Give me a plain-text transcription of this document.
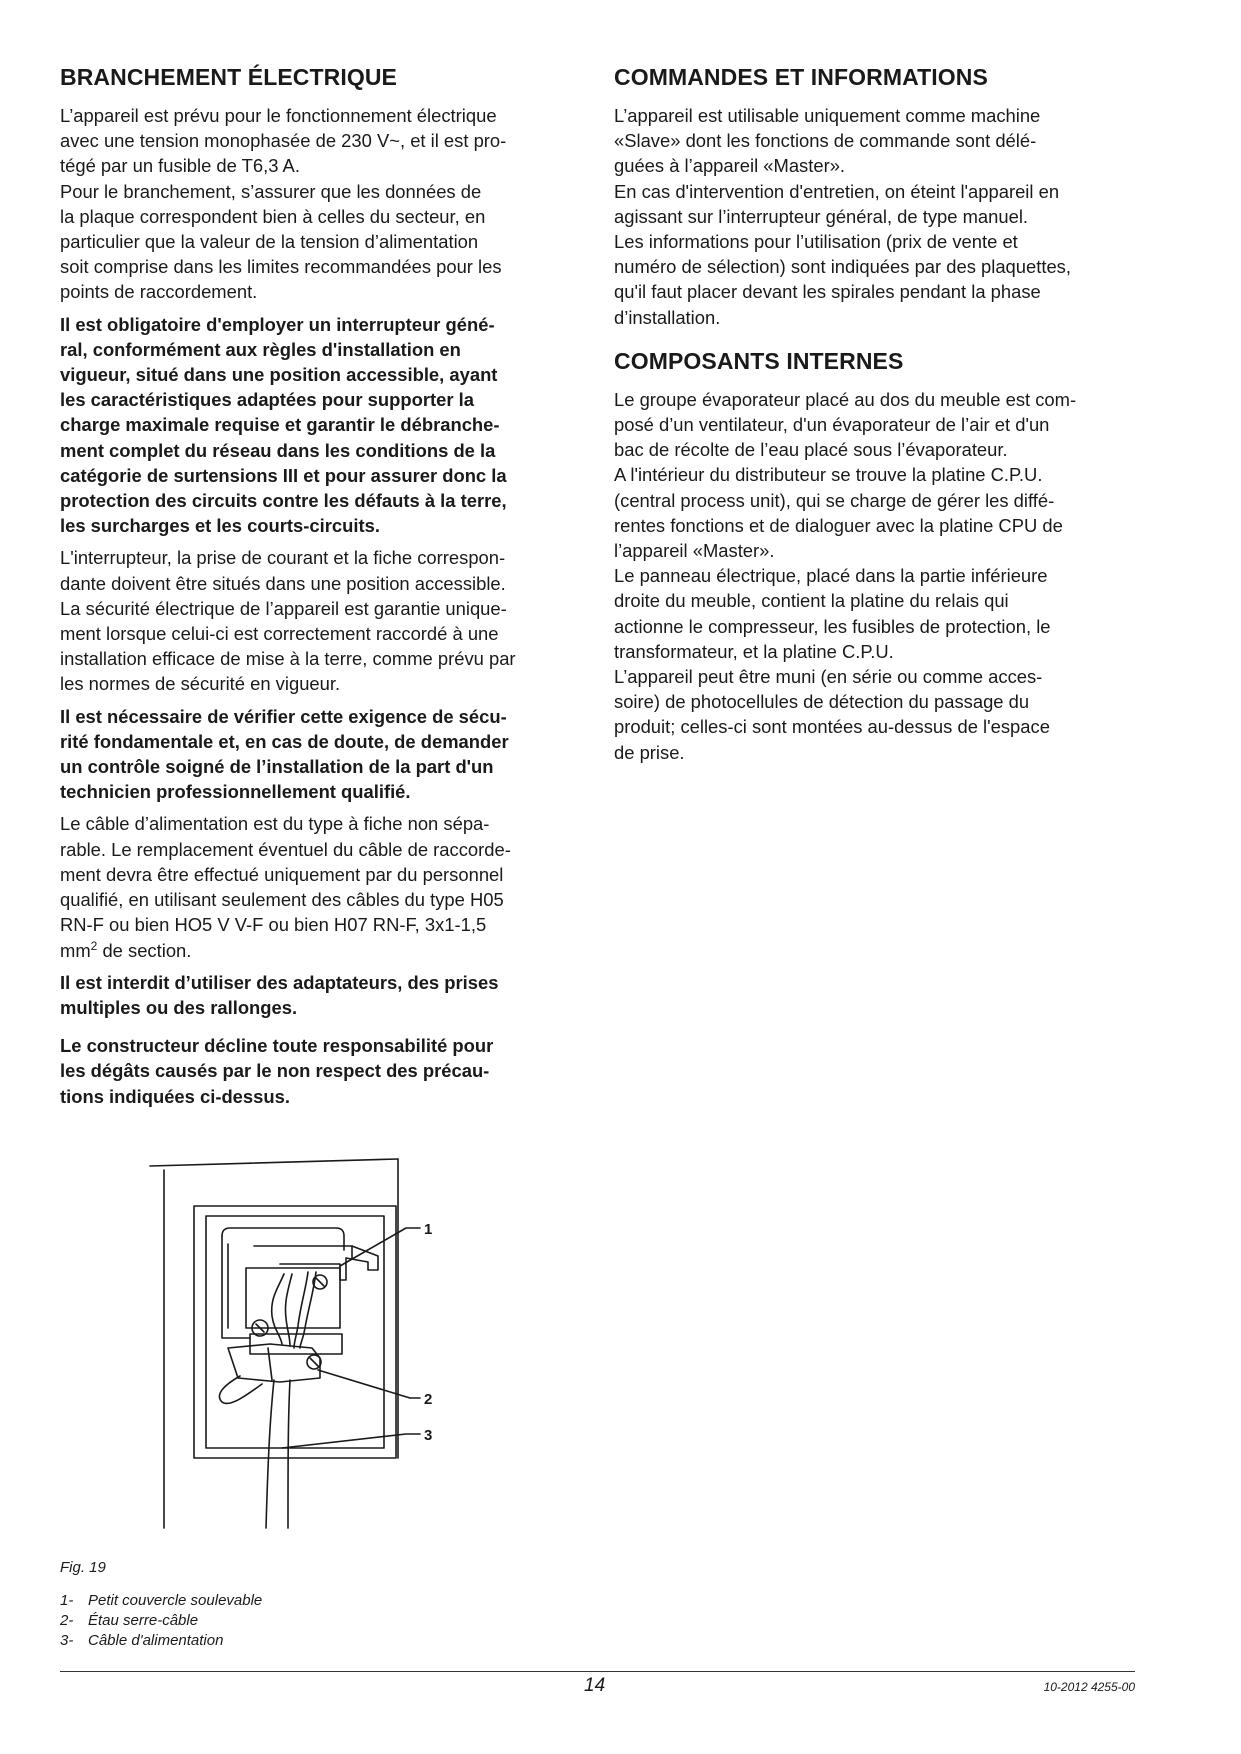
BRANCHEMENT ÉLECTRIQUE

L’appareil est prévu pour le fonctionnement électrique
avec une tension monophasée de 230 V~, et il est pro-
tégé par un fusible de T6,3 A.

Pour le branchement, s’assurer que les données de
la plaque correspondent bien à celles du secteur, en
particulier que la valeur de la tension d’alimentation
soit comprise dans les limites recommandées pour les
points de raccordement.

Il est obligatoire d'employer un interrupteur géné-
ral, conformément aux règles d'installation en
vigueur, situé dans une position accessible, ayant
les caractéristiques adaptées pour supporter la
charge maximale requise et garantir le débranche-
ment complet du réseau dans les conditions de la
catégorie de surtensions III et pour assurer donc la
protection des circuits contre les défauts à la terre,
les surcharges et les courts-circuits.

L'interrupteur, la prise de courant et la fiche correspon-
dante doivent être situés dans une position accessible.
La sécurité électrique de l’appareil est garantie unique-
ment lorsque celui-ci est correctement raccordé à une
installation efficace de mise à la terre, comme prévu par
les normes de sécurité en vigueur.

Il est nécessaire de vérifier cette exigence de sécu-
rité fondamentale et, en cas de doute, de demander
un contrôle soigné de l’installation de la part d'un
technicien professionnellement qualifié.

Le câble d’alimentation est du type à fiche non sépa-
rable. Le remplacement éventuel du câble de raccorde-
ment devra être effectué uniquement par du personnel
qualifié, en utilisant seulement des câbles du type H05
RN-F ou bien HO5 V V-F ou bien H07 RN-F, 3x1-1,5
$mm^2$ de section.

Il est interdit d’utiliser des adaptateurs, des prises
multiples ou des rallonges.

Le constructeur décline toute responsabilité pour
les dégâts causés par le non respect des précau-
tions indiquées ci-dessus.

COMMANDES ET INFORMATIONS

L’appareil est utilisable uniquement comme machine
«Slave» dont les fonctions de commande sont délé-
guées à l’appareil «Master».
En cas d'intervention d'entretien, on éteint l'appareil en
agissant sur l’interrupteur général, de type manuel.
Les informations pour l’utilisation (prix de vente et
numéro de sélection) sont indiquées par des plaquettes,
qu'il faut placer devant les spirales pendant la phase
d’installation.

COMPOSANTS INTERNES

Le groupe évaporateur placé au dos du meuble est com-
posé d’un ventilateur, d'un évaporateur de l’air et d'un
bac de récolte de l’eau placé sous l’évaporateur.
A l'intérieur du distributeur se trouve la platine C.P.U.
(central process unit), qui se charge de gérer les diffé-
rentes fonctions et de dialoguer avec la platine CPU de
l’appareil «Master».
Le panneau électrique, placé dans la partie inférieure
droite du meuble, contient la platine du relais qui
actionne le compresseur, les fusibles de protection, le
transformateur, et la platine C.P.U.
L’appareil peut être muni (en série ou comme acces-
soire) de photocellules de détection du passage du
produit; celles-ci sont montées au-dessus de l'espace
de prise.

1
2
3
Fig. 19
1- Petit couvercle soulevable
2- Étau serre-câble
3- Câble d'alimentation
14	10-2012 4255-00
